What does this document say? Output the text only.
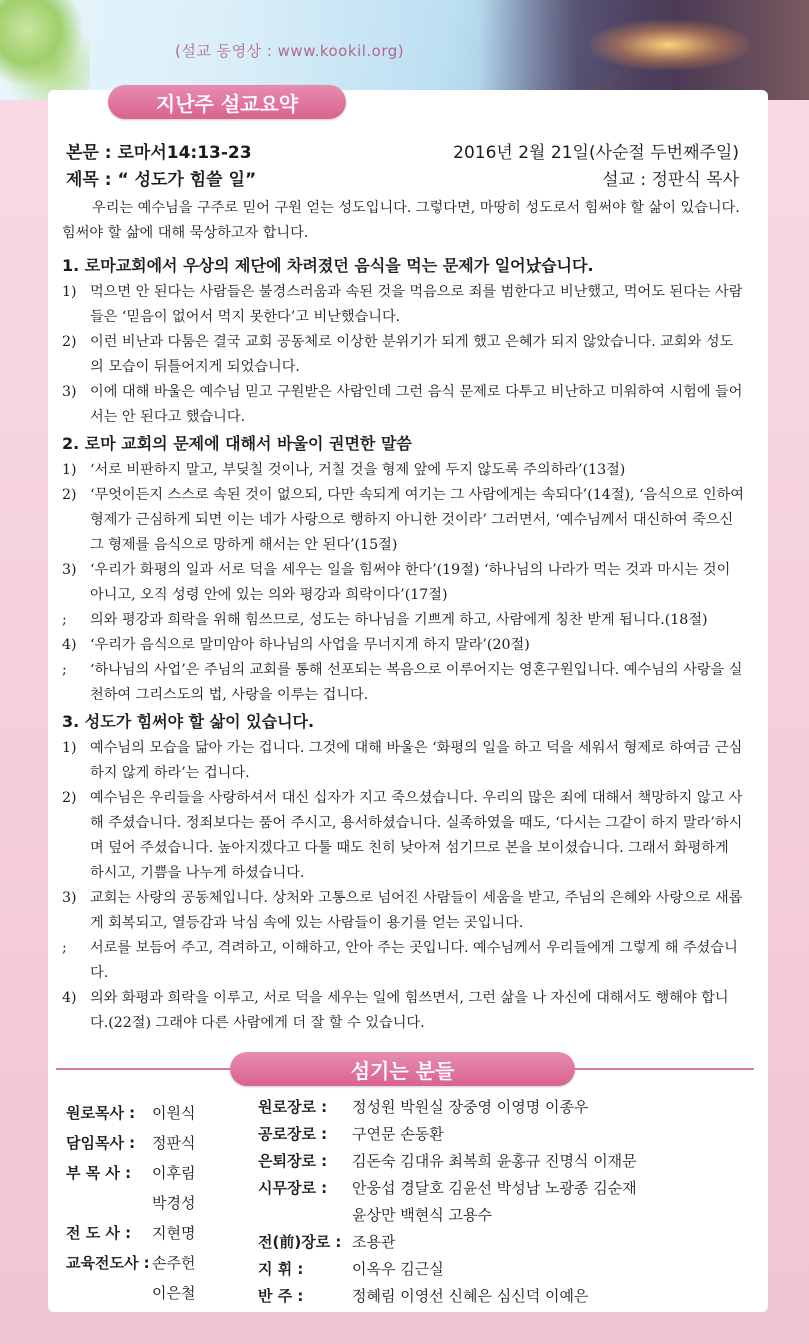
(설교 동영상 : www.kookil.org)
지난주 설교요약
본문 : 로마서14:13-23	2016년 2월 21일(사순절 두번째주일)
제목 : “ 성도가 힘쓸 일”	설교 : 정판식 목사

우리는 예수님을 구주로 믿어 구원 얻는 성도입니다. 그렇다면, 마땅히 성도로서 힘써야 할 삶이 있습니다. 힘써야 할 삶에 대해 묵상하고자 합니다.

1. 로마교회에서 우상의 제단에 차려졌던 음식을 먹는 문제가 일어났습니다.

1) 먹으면 안 된다는 사람들은 불경스러움과 속된 것을 먹음으로 죄를 범한다고 비난했고, 먹어도 된다는 사람들은 ‘믿음이 없어서 먹지 못한다’고 비난했습니다.
2) 이런 비난과 다툼은 결국 교회 공동체로 이상한 분위기가 되게 했고 은혜가 되지 않았습니다. 교회와 성도의 모습이 뒤틀어지게 되었습니다.
3) 이에 대해 바울은 예수님 믿고 구원받은 사람인데 그런 음식 문제로 다투고 비난하고 미워하여 시험에 들어서는 안 된다고 했습니다.

2. 로마 교회의 문제에 대해서 바울이 권면한 말씀

1) ‘서로 비판하지 말고, 부딪칠 것이나, 거칠 것을 형제 앞에 두지 않도록 주의하라’(13절)
2) ‘무엇이든지 스스로 속된 것이 없으되, 다만 속되게 여기는 그 사람에게는 속되다’(14절), ‘음식으로 인하여 형제가 근심하게 되면 이는 네가 사랑으로 행하지 아니한 것이라’ 그러면서, ‘예수님께서 대신하여 죽으신 그 형제를 음식으로 망하게 해서는 안 된다’(15절)
3) ‘우리가 화평의 일과 서로 덕을 세우는 일을 힘써야 한다’(19절) ‘하나님의 나라가 먹는 것과 마시는 것이 아니고, 오직 성령 안에 있는 의와 평강과 희락이다’(17절)
;	의와 평강과 희락을 위해 힘쓰므로, 성도는 하나님을 기쁘게 하고, 사람에게 칭찬 받게 됩니다.(18절)
4) ‘우리가 음식으로 말미암아 하나님의 사업을 무너지게 하지 말라’(20절)
;	‘하나님의 사업’은 주님의 교회를 통해 선포되는 복음으로 이루어지는 영혼구원입니다. 예수님의 사랑을 실천하여 그리스도의 법, 사랑을 이루는 겁니다.

3. 성도가 힘써야 할 삶이 있습니다.

1) 예수님의 모습을 닮아 가는 겁니다. 그것에 대해 바울은 ‘화평의 일을 하고 덕을 세워서 형제로 하여금 근심하지 않게 하라’는 겁니다.
2) 예수님은 우리들을 사랑하셔서 대신 십자가 지고 죽으셨습니다. 우리의 많은 죄에 대해서 책망하지 않고 사해 주셨습니다. 정죄보다는 품어 주시고, 용서하셨습니다. 실족하였을 때도, ‘다시는 그같이 하지 말라’하시며 덮어 주셨습니다. 높아지겠다고 다툴 때도 친히 낮아져 섬기므로 본을 보이셨습니다. 그래서 화평하게 하시고, 기쁨을 나누게 하셨습니다.
3) 교회는 사랑의 공동체입니다. 상처와 고통으로 넘어진 사람들이 세움을 받고, 주님의 은혜와 사랑으로 새롭게 회복되고, 열등감과 낙심 속에 있는 사람들이 용기를 얻는 곳입니다.
;	서로를 보듬어 주고, 격려하고, 이해하고, 안아 주는 곳입니다. 예수님께서 우리들에게 그렇게 해 주셨습니다.
4) 의와 화평과 희락을 이루고, 서로 덕을 세우는 일에 힘쓰면서, 그런 삶을 나 자신에 대해서도 행해야 합니다.(22절) 그래야 다른 사람에게 더 잘 할 수 있습니다.
섬기는 분들
원로목사 :	이원식
담임목사 :	정판식
부 목 사 :	이후림
박경성
전 도 사 :	지현명
교육전도사 : 손주헌
이은철
원로장로 :	정성원 박원실 장중영 이영명 이종우
공로장로 :	구연문 손동환
은퇴장로 :	김돈숙 김대유 최복희 윤홍규 진명식 이재문
시무장로 :	안웅섭 경달호 김윤선 박성남 노광종 김순재
윤상만 백현식 고용수
전(前)장로 : 조용관
지 휘 :	이옥우 김근실
반 주 :	정혜림 이영선 신혜은 심신덕 이예은
